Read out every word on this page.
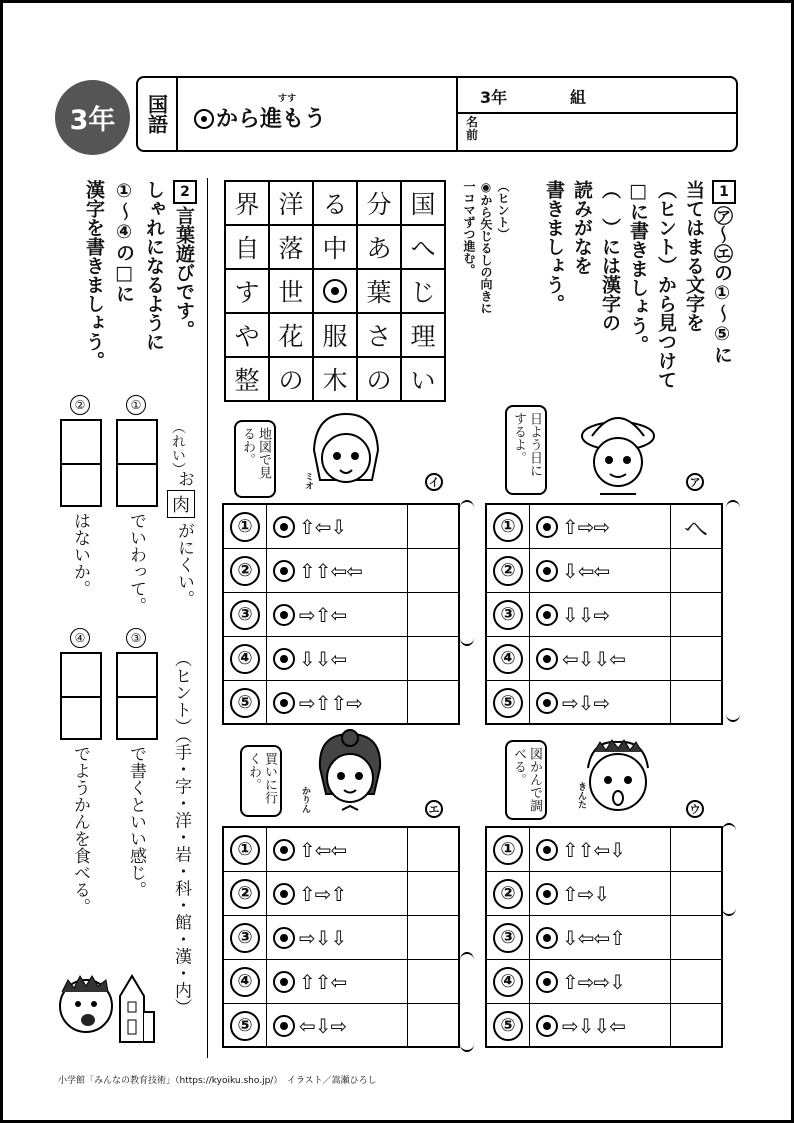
3年	国語	から進もう
すす	3年	組
名前
1
㋐〜㋓の①〜⑤に
当てはまる文字を
（ヒント）から見つけて
□に書きましょう。
（　）には漢字の
読みがなを
書きましょう。
（ヒント）
◉から矢じるしの向きに
一コマずつ進む。
界 洋 る 分 国
自 落 中 あ へ
す 世	葉 じ
や 花 服 さ 理
整 の 木 の い
日よう日にするよ。
ア
地図で見るわ。
ミオ	イ
①	⇧⇨⇨	へ
②	⇩⇦⇦
③	⇩⇩⇨
④	⇦⇩⇩⇦
⑤	⇨⇩⇨
①	⇧⇦⇩
②	⇧⇧⇦⇦
③	⇨⇧⇦
④	⇩⇩⇦
⑤	⇨⇧⇧⇨
図かんで調べる。
きんた
ウ
買いに行くわ。
かりん	エ
①	⇧⇧⇦⇩
②	⇧⇨⇩
③	⇩⇦⇦⇧
④	⇧⇨⇨⇩
⑤	⇨⇩⇩⇦
①	⇧⇦⇦
②	⇧⇨⇧
③	⇨⇩⇩
④	⇧⇧⇦
⑤	⇦⇩⇨
2
言葉遊びです。
しゃれになるように
①〜④の□に
漢字を書きましょう。
（れい）
お
肉
がにくい。
（ヒント）（手・字・洋・岩・科・館・漢・内）
①
でいわって。
②
はないか。
③
で書くといい感じ。
④
でようかんを食べる。
小学館「みんなの教育技術」（https://kyoiku.sho.jp/）　イラスト／嵩瀬ひろし
